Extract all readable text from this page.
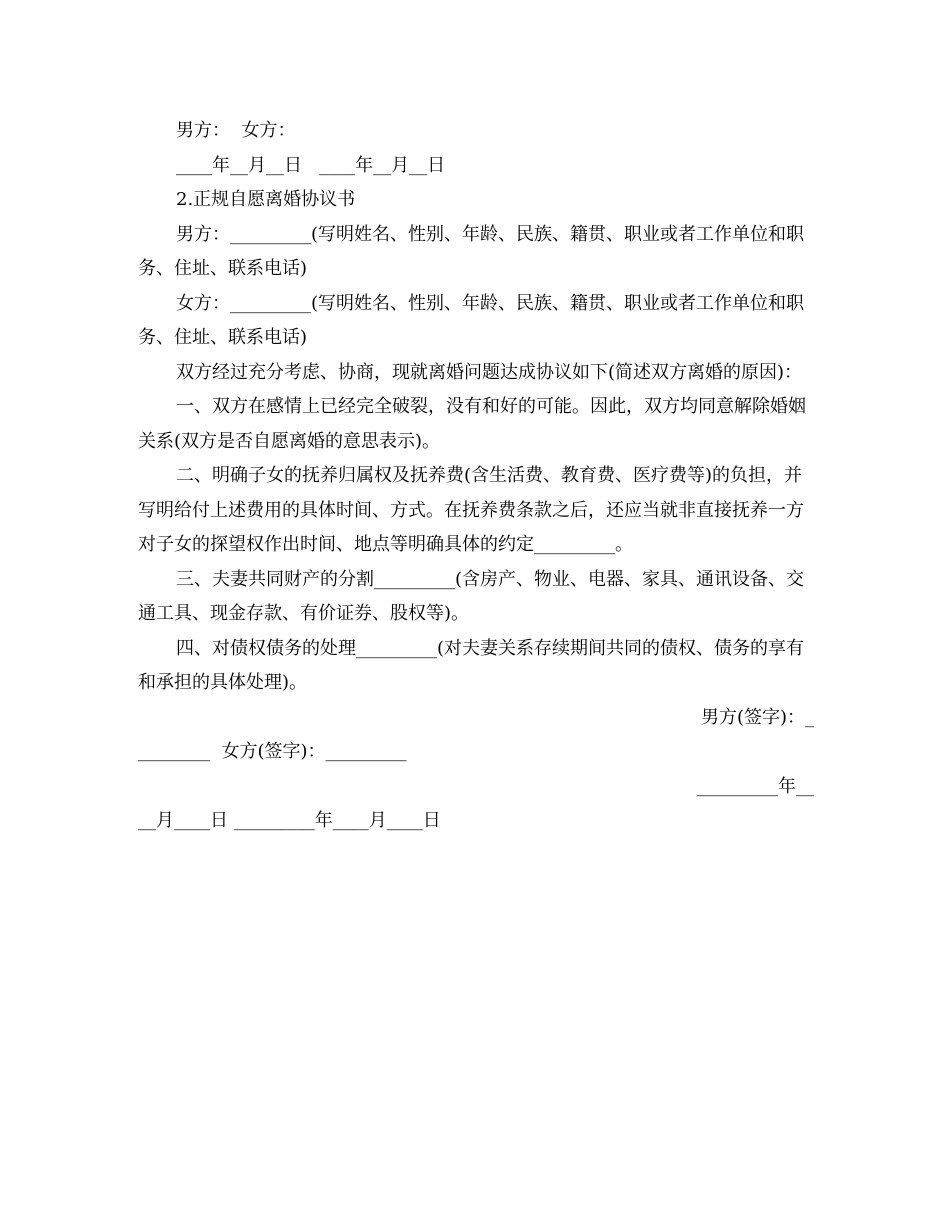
男方：  女方：

____年__月__日   ____年__月__日

2.正规自愿离婚协议书

男方：_________(写明姓名、性别、年龄、民族、籍贯、职业或者工作单位和职务、住址、联系电话)

女方：_________(写明姓名、性别、年龄、民族、籍贯、职业或者工作单位和职务、住址、联系电话)

双方经过充分考虑、协商，现就离婚问题达成协议如下(简述双方离婚的原因)：

一、双方在感情上已经完全破裂，没有和好的可能。因此，双方均同意解除婚姻关系(双方是否自愿离婚的意思表示)。

二、明确子女的抚养归属权及抚养费(含生活费、教育费、医疗费等)的负担，并写明给付上述费用的具体时间、方式。在抚养费条款之后，还应当就非直接抚养一方对子女的探望权作出时间、地点等明确具体的约定_________。

三、夫妻共同财产的分割_________(含房产、物业、电器、家具、通讯设备、交通工具、现金存款、有价证券、股权等)。

四、对债权债务的处理_________(对夫妻关系存续期间共同的债权、债务的享有和承担的具体处理)。

男方(签字)：_

________  女方(签字)：_________

_________年__

__月____日 _________年____月____日
